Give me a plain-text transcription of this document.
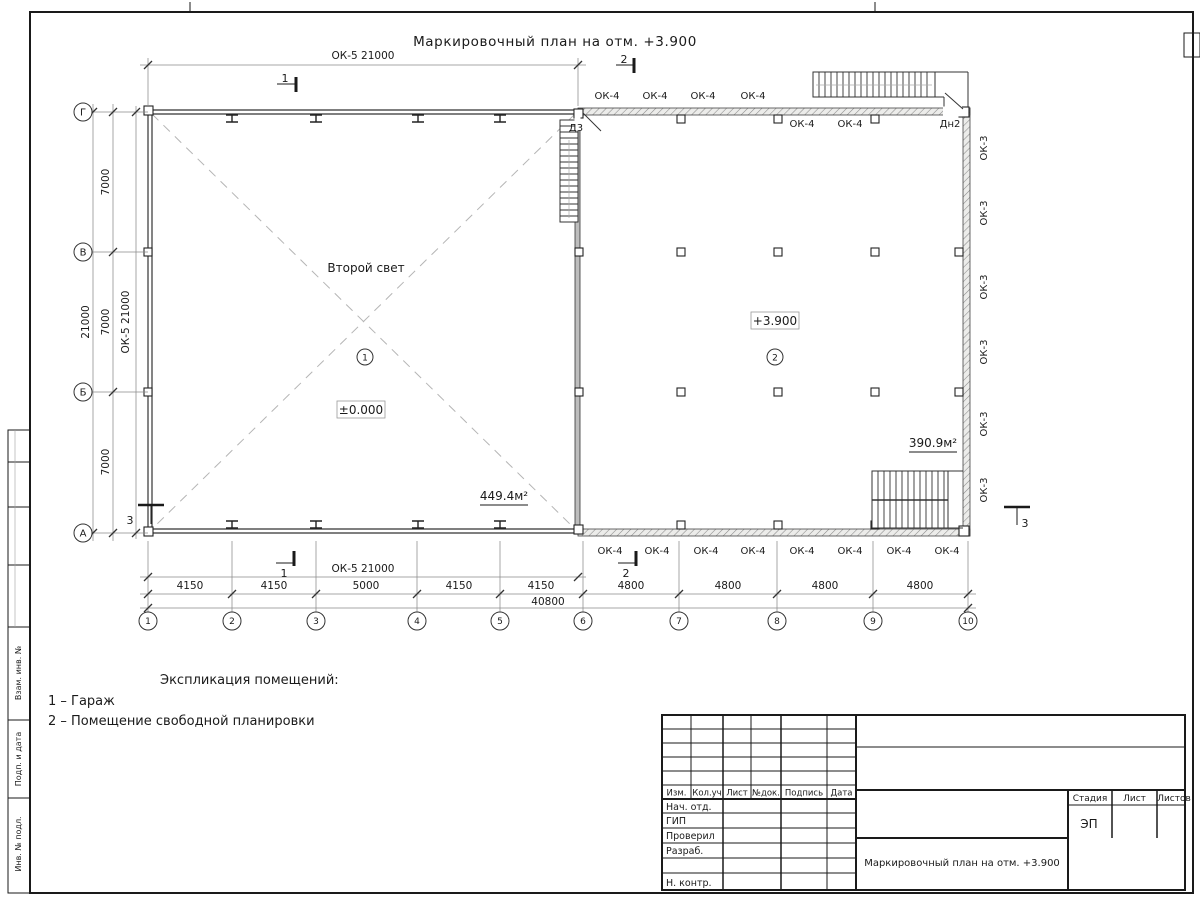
Взам. инв. №
Подп. и дата
Инв. № подл.
Маркировочный план на отм. +3.900
Д3	Дн2
ОК-5 21000
21000
7000
7000
7000
ОК-5 21000
ОК-5 21000
4150	4150	5000	4150	4150	4800	4800	4800	4800
40800
Г
В
Б
А
1	2	3	4	5	6	7	8	9	10
1
2
1	2
3	3
ОК-4 ОК-4 ОК-4	ОК-4
ОК-4 ОК-4
ОК-4 ОК-4 ОК-4 ОК-4 ОК-4 ОК-4 ОК-4 ОК-4
ОК-3
ОК-3
ОК-3
ОК-3
ОК-3
ОК-3
Второй свет
1
±0.000
449.4м²
+3.900
2
390.9м²
Экспликация помещений:
1 – Гараж
2 – Помещение свободной планировки
Изм. Кол.уч Лист №док. Подпись Дата
Нач. отд.
ГИП
Проверил
Разраб.
Н. контр.
Стадия Лист Листов
ЭП
Маркировочный план на отм. +3.900
